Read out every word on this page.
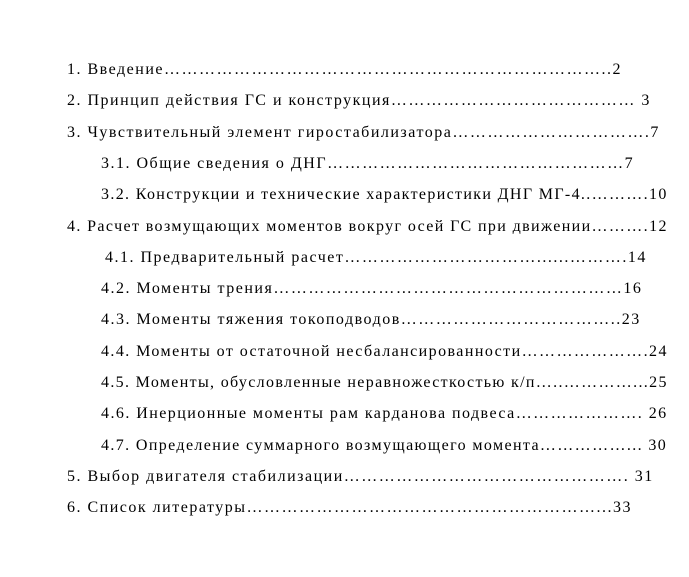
1. Введение…………………………………………………………………..2
2. Принцип действия ГС и конструкция…………………………………… 3
3. Чувствительный элемент гиростабилизатора…………………………….7
3.1. Общие сведения о ДНГ……………………………………………7
3.2. Конструкции и технические характеристики ДНГ МГ-4..……….10
4. Расчет возмущающих моментов вокруг осей ГС при движении……….12
4.1. Предварительный расчет……………………………......……….14
4.2. Моменты трения……………………………………………………16
4.3. Моменты тяжения токоподводов………………………………..23
4.4. Моменты от остаточной несбалансированности………………….24
4.5. Моменты, обусловленные неравножесткостью к/п…..…………...25
4.6. Инерционные моменты рам карданова подвеса…………………. 26
4.7. Определение суммарного возмущающего момента……………... 30
5. Выбор двигателя стабилизации…………………………………………. 31
6. Список литературы……………………………………………………...33
